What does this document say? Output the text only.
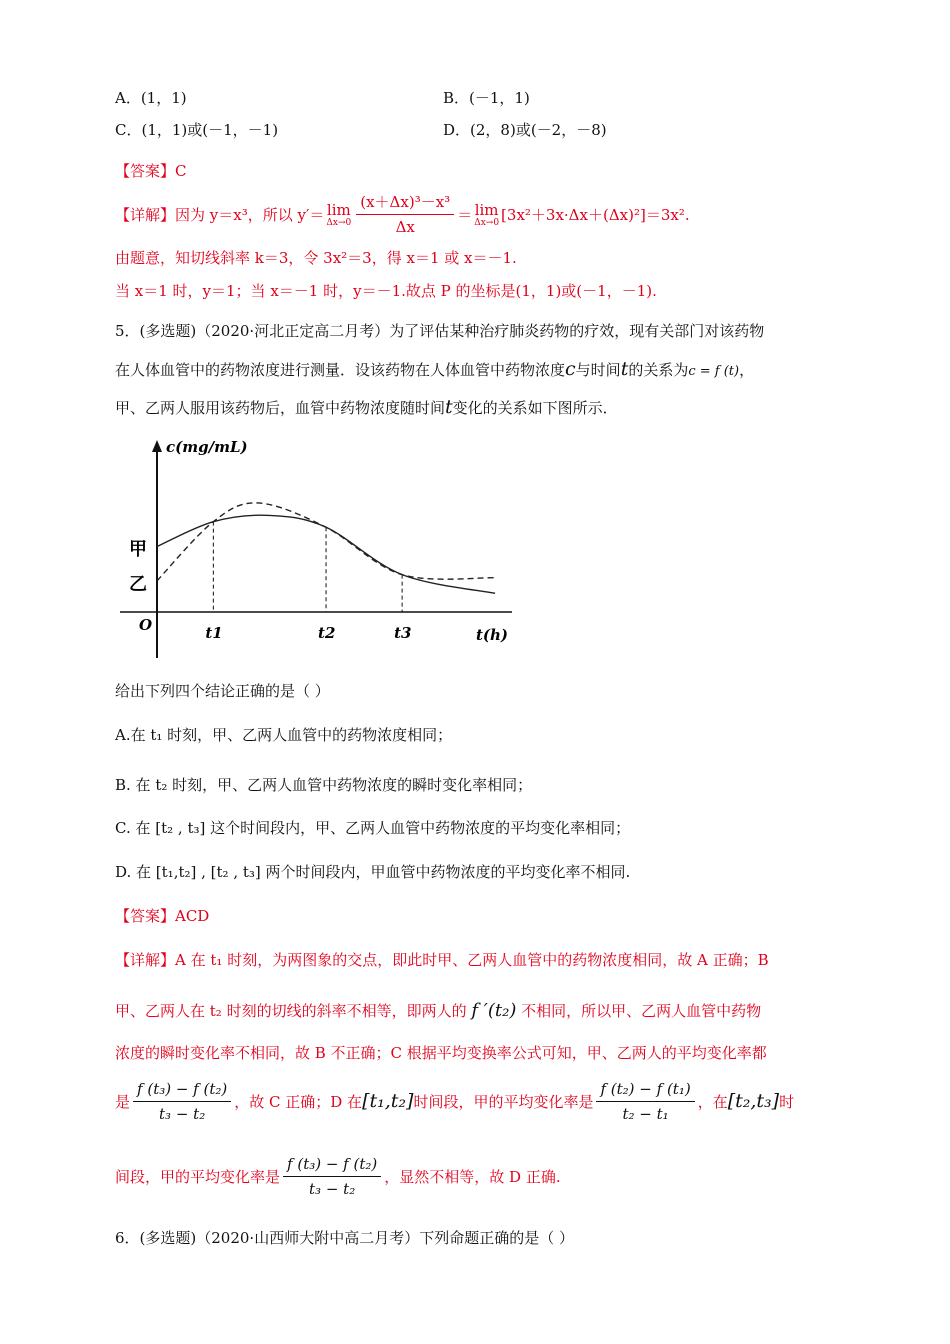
A．(1，1)	B．(－1，1)
C．(1，1)或(－1，－1)	D．(2，8)或(－2，－8)
【答案】C
【详解】 因为 y＝x³，所以 y′＝ lim
$\Delta x\to 0 \frac{\text{(x＋Δx)³－x³}}{\Delta x} = \lim$
Δx→0 [3x²＋3x·Δx＋(Δx)²]＝3x².
由题意，知切线斜率 k＝3，令 3x²＝3，得 x＝1 或 x＝－1.
当 x＝1 时，y＝1；当 x＝－1 时，y＝－1.故点 P 的坐标是(1，1)或(－1，－1).
5．(多选题)（2020·河北正定高二月考）为了评估某种治疗肺炎药物的疗效，现有关部门对该药物
在人体血管中的药物浓度进行测量．设该药物在人体血管中药物浓度c与时间t的关系为c = f (t)，
甲、乙两人服用该药物后，血管中药物浓度随时间t变化的关系如下图所示．
t1	t2	t3
c(mg/mL)
t(h)
O
甲
乙
给出下列四个结论正确的是（ ）
A.在 t₁ 时刻，甲、乙两人血管中的药物浓度相同；
B. 在 t₂ 时刻，甲、乙两人血管中药物浓度的瞬时变化率相同；
C. 在 [t₂ , t₃] 这个时间段内，甲、乙两人血管中药物浓度的平均变化率相同；
D. 在 [t₁,t₂] , [t₂ , t₃] 两个时间段内，甲血管中药物浓度的平均变化率不相同.
【答案】ACD
【详解】A 在 t₁ 时刻，为两图象的交点，即此时甲、乙两人血管中的药物浓度相同，故 A 正确；B
甲、乙两人在 t₂ 时刻的切线的斜率不相等，即两人的 f ′(t₂) 不相同，所以甲、乙两人血管中药物
浓度的瞬时变化率不相同，故 B 不正确；C 根据平均变换率公式可知，甲、乙两人的平均变化率都
是 $\frac{\text{f (t₃) − f (t₂)}}{\text{t₃ − t₂}}$ ，故 C 正确；D 在 [t₁,t₂] 时间段，甲的平均变化率是 $\frac{\text{f (t₂) − f (t₁)}}{\text{t₂ − t₁}}$ ，在 [t₂,t₃] 时
间段，甲的平均变化率是 $\frac{\text{f (t₃) − f (t₂)}}{\text{t₃ − t₂}}$ ，显然不相等，故 D 正确.
6．(多选题)（2020·山西师大附中高二月考）下列命题正确的是（ ）
